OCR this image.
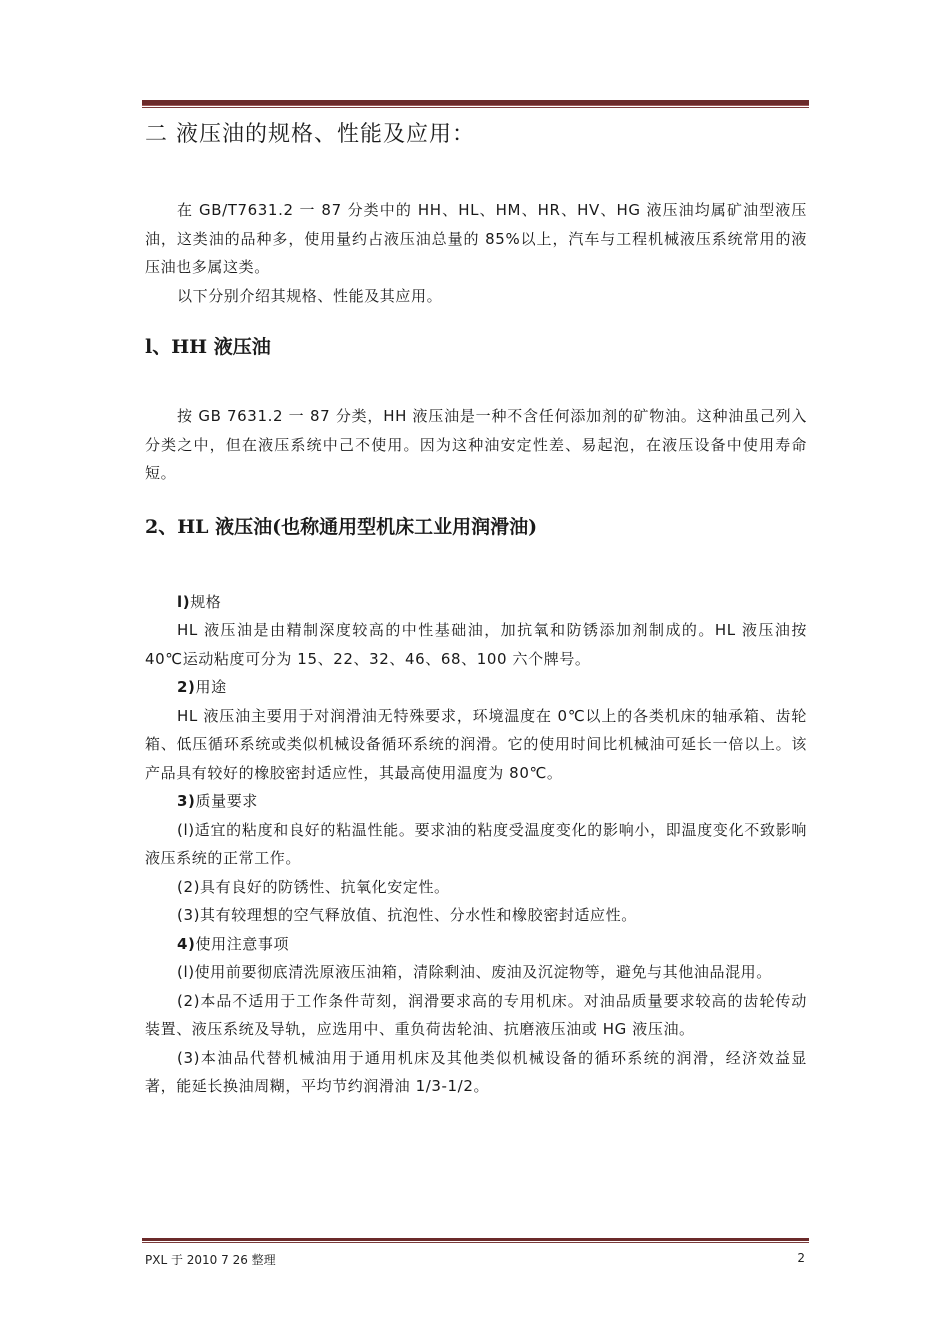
二 液压油的规格、性能及应用：

在 GB/T7631.2 一 87 分类中的 HH、HL、HM、HR、HV、HG 液压油均属矿油型液压油，这类油的品种多，使用量约占液压油总量的 85%以上，汽车与工程机械液压系统常用的液压油也多属这类。

以下分别介绍其规格、性能及其应用。

l、HH 液压油

按 GB 7631.2 一 87 分类，HH 液压油是一种不含任何添加剂的矿物油。这种油虽己列入分类之中，但在液压系统中己不使用。因为这种油安定性差、易起泡，在液压设备中使用寿命短。

2、HL 液压油(也称通用型机床工业用润滑油)

l)规格

HL 液压油是由精制深度较高的中性基础油，加抗氧和防锈添加剂制成的。HL 液压油按 40℃运动粘度可分为 15、22、32、46、68、100 六个牌号。

2)用途

HL 液压油主要用于对润滑油无特殊要求，环境温度在 0℃以上的各类机床的轴承箱、齿轮箱、低压循环系统或类似机械设备循环系统的润滑。它的使用时间比机械油可延长一倍以上。该产品具有较好的橡胶密封适应性，其最高使用温度为 80℃。

3)质量要求

(l)适宜的粘度和良好的粘温性能。要求油的粘度受温度变化的影响小，即温度变化不致影响液压系统的正常工作。

(2)具有良好的防锈性、抗氧化安定性。

(3)其有较理想的空气释放值、抗泡性、分水性和橡胶密封适应性。

4)使用注意事项

(l)使用前要彻底清洗原液压油箱，清除剩油、废油及沉淀物等，避免与其他油品混用。

(2)本品不适用于工作条件苛刻，润滑要求高的专用机床。对油品质量要求较高的齿轮传动装置、液压系统及导轨，应选用中、重负荷齿轮油、抗磨液压油或 HG 液压油。

(3)本油品代替机械油用于通用机床及其他类似机械设备的循环系统的润滑，经济效益显著，能延长换油周糊，平均节约润滑油 1/3-1/2。

PXL 于 2010 7 26 整理	2
